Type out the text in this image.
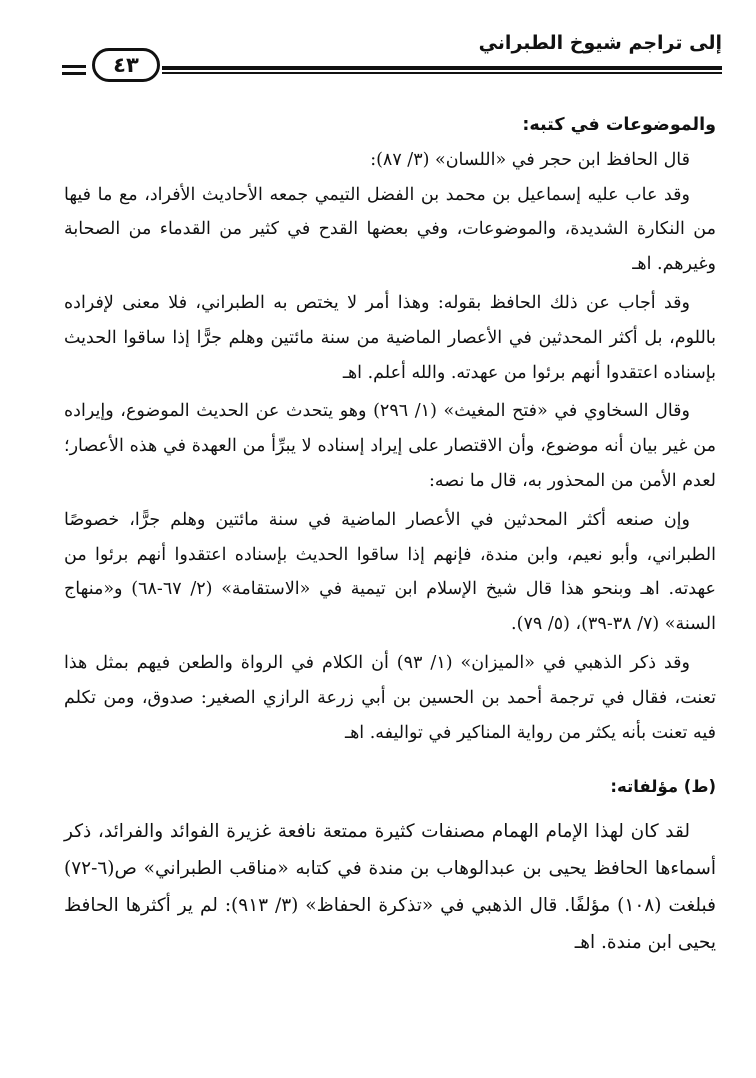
إلى تراجم شيوخ الطبراني
٤٣

والموضوعات في كتبه:

قال الحافظ ابن حجر في «اللسان» (٣/ ٨٧):

وقد عاب عليه إسماعيل بن محمد بن الفضل التيمي جمعه الأحاديث الأفراد، مع ما فيها من النكارة الشديدة، والموضوعات، وفي بعضها القدح في كثير من القدماء من الصحابة وغيرهم. اهـ

وقد أجاب عن ذلك الحافظ بقوله: وهذا أمر لا يختص به الطبراني، فلا معنى لإفراده باللوم، بل أكثر المحدثين في الأعصار الماضية من سنة مائتين وهلم جرًّا إذا ساقوا الحديث بإسناده اعتقدوا أنهم برئوا من عهدته. والله أعلم. اهـ

وقال السخاوي في «فتح المغيث» (١/ ٢٩٦) وهو يتحدث عن الحديث الموضوع، وإيراده من غير بيان أنه موضوع، وأن الاقتصار على إيراد إسناده لا يبرِّأ من العهدة في هذه الأعصار؛ لعدم الأمن من المحذور به، قال ما نصه:

وإن صنعه أكثر المحدثين في الأعصار الماضية في سنة مائتين وهلم جرًّا، خصوصًا الطبراني، وأبو نعيم، وابن مندة، فإنهم إذا ساقوا الحديث بإسناده اعتقدوا أنهم برئوا من عهدته. اهـ وبنحو هذا قال شيخ الإسلام ابن تيمية في «الاستقامة» (٢/ ٦٧-٦٨) و«منهاج السنة» (٧/ ٣٨-٣٩)، (٥/ ٧٩).

وقد ذكر الذهبي في «الميزان» (١/ ٩٣) أن الكلام في الرواة والطعن فيهم بمثل هذا تعنت، فقال في ترجمة أحمد بن الحسين بن أبي زرعة الرازي الصغير: صدوق، ومن تكلم فيه تعنت بأنه يكثر من رواية المناكير في تواليفه. اهـ

(ط) مؤلفاته:

لقد كان لهذا الإمام الهمام مصنفات كثيرة ممتعة نافعة غزيرة الفوائد والفرائد، ذكر أسماءها الحافظ يحيى بن عبدالوهاب بن مندة في كتابه «مناقب الطبراني» ص(٦-٧٢) فبلغت (١٠٨) مؤلفًا. قال الذهبي في «تذكرة الحفاظ» (٣/ ٩١٣): لم ير أكثرها الحافظ يحيى ابن مندة. اهـ
